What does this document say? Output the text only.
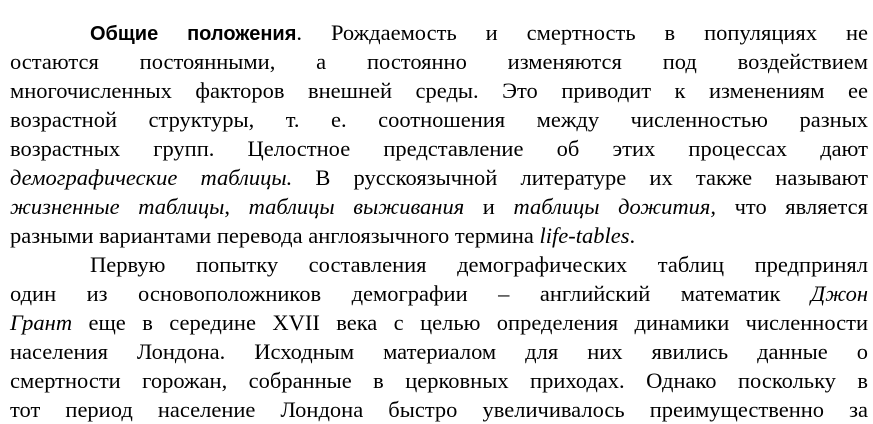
Общие положения. Рождаемость и смертность в популяциях не
остаются постоянными, а постоянно изменяются под воздействием
многочисленных факторов внешней среды. Это приводит к изменениям ее
возрастной структуры, т. е. соотношения между численностью разных
возрастных групп. Целостное представление об этих процессах дают
демографические таблицы. В русскоязычной литературе их также называют
жизненные таблицы, таблицы выживания и таблицы дожития, что является
разными вариантами перевода англоязычного термина life-tables.
Первую попытку составления демографических таблиц предпринял
один из основоположников демографии – английский математик Джон
Грант еще в середине XVII века с целью определения динамики численности
населения Лондона. Исходным материалом для них явились данные о
смертности горожан, собранные в церковных приходах. Однако поскольку в
тот период население Лондона быстро увеличивалось преимущественно за
